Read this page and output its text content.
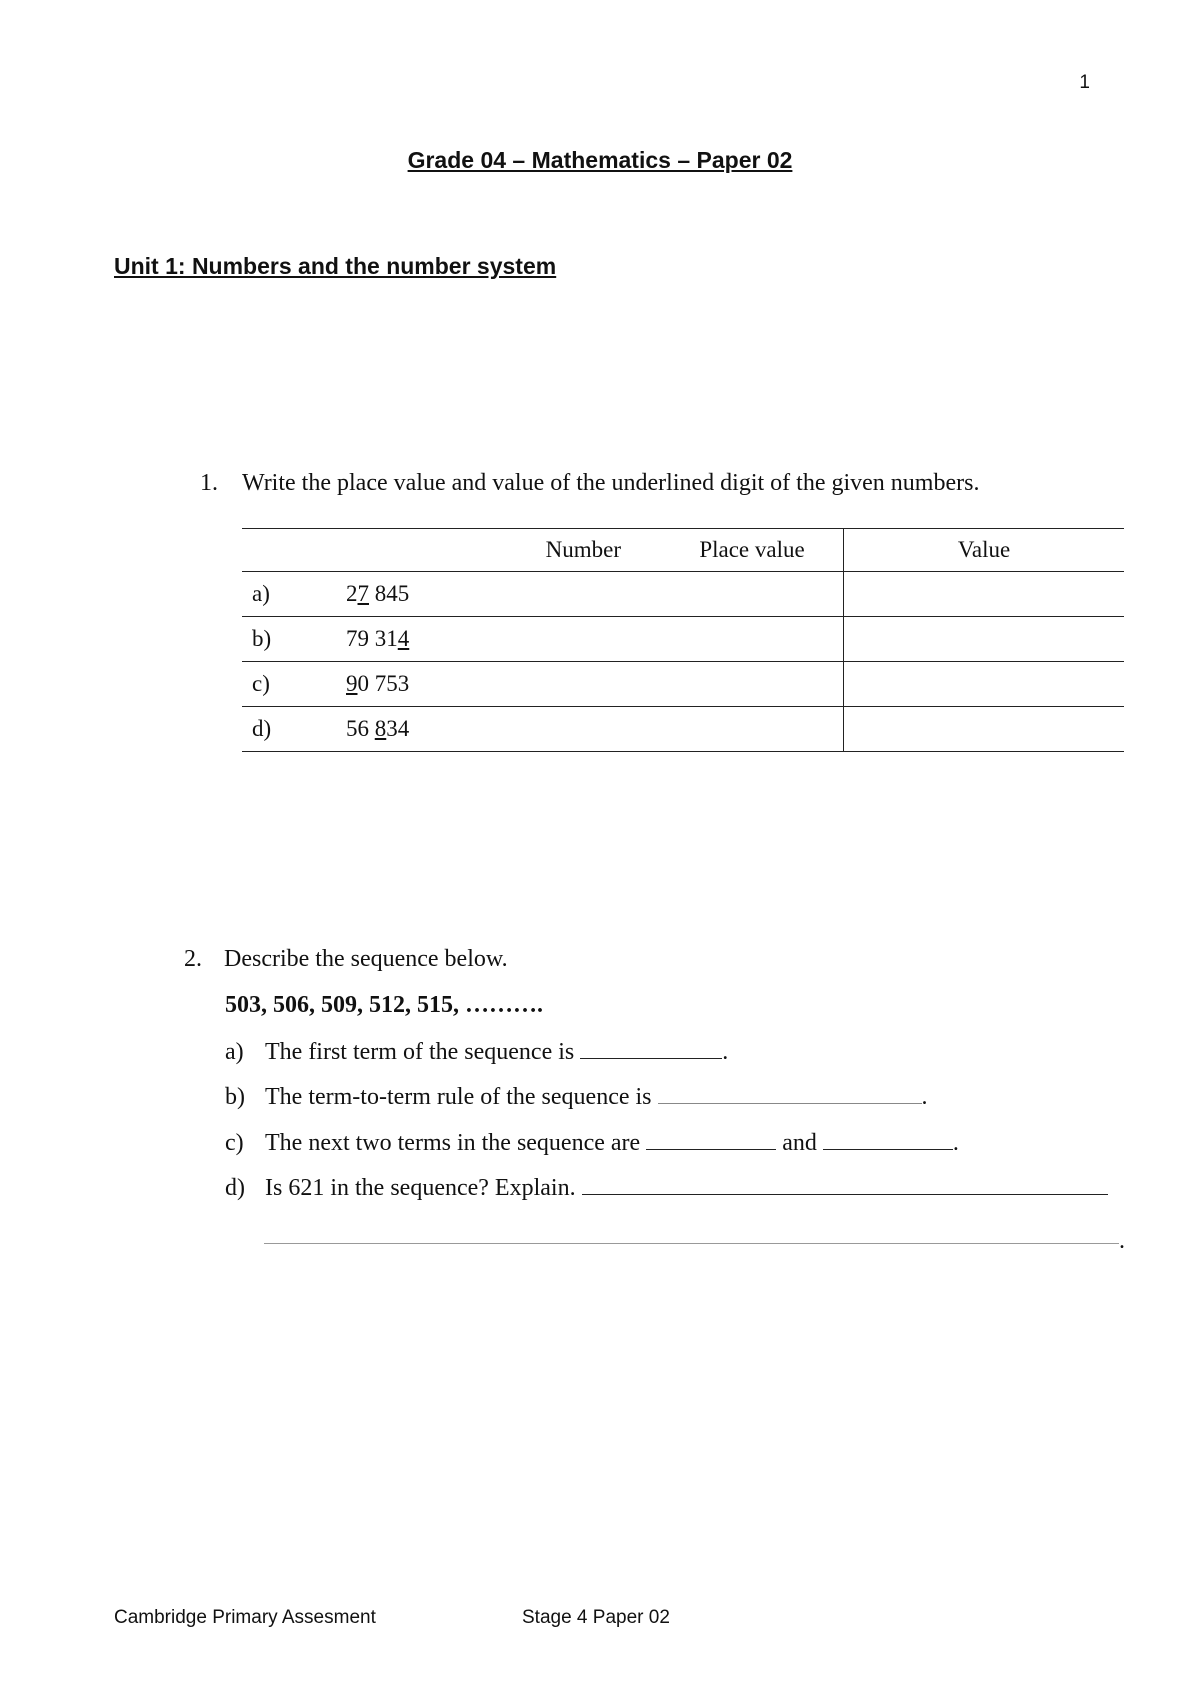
1
Grade 04 – Mathematics – Paper 02
Unit 1: Numbers and the number system
1. Write the place value and value of the underlined digit of the given numbers.
	Number	Place value	Value
a)	27 845		
b)	79 314		
c)	90 753		
d)	56 834		
2. Describe the sequence below.
503, 506, 509, 512, 515, ……….
a) The first term of the sequence is	.
b) The term-to-term rule of the sequence is	.
c) The next two terms in the sequence are	and	.
d) Is 621 in the sequence? Explain.
.
Cambridge Primary Assesment	Stage 4 Paper 02
